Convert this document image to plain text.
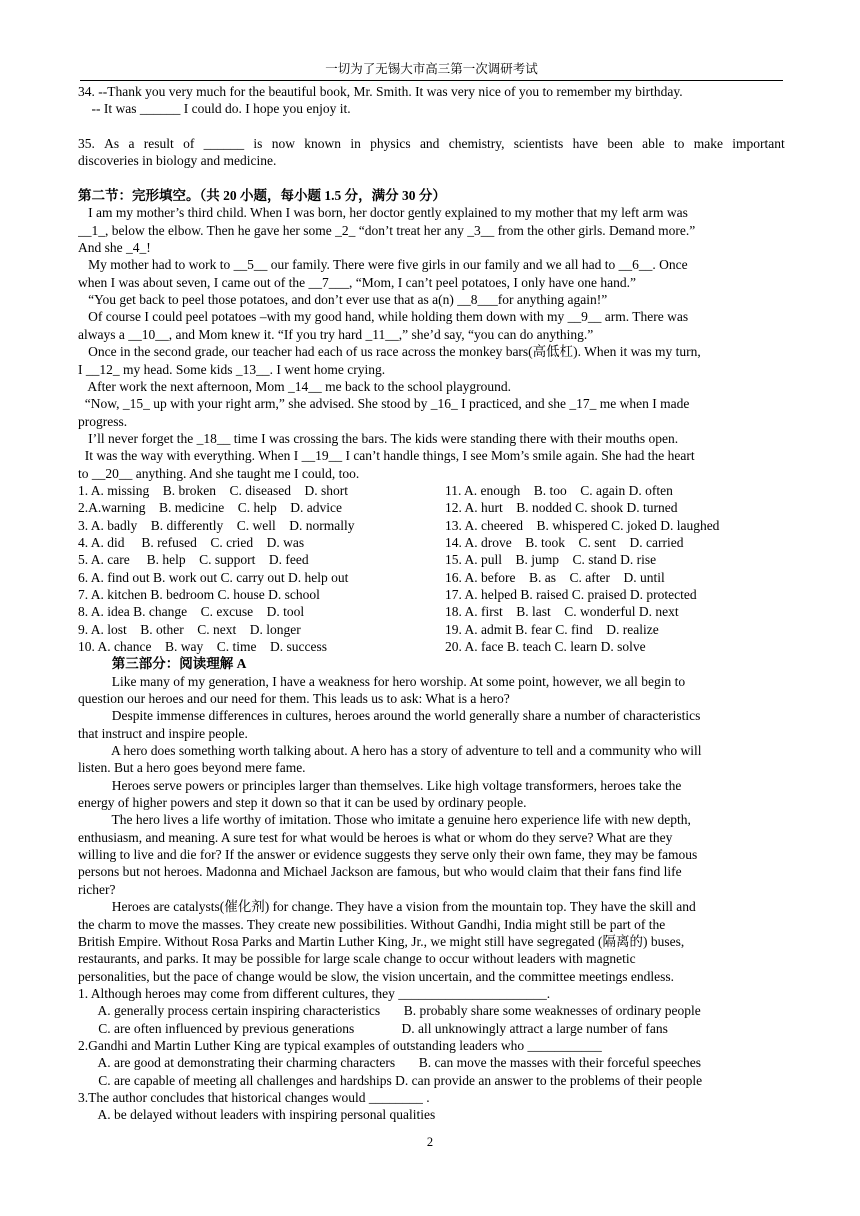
一切为了无锡大市高三第一次调研考试
34. --Thank you very much for the beautiful book, Mr. Smith. It was very nice of you to remember my birthday.
-- It was ______ I could do. I hope you enjoy it.

35. As a result of ______ is now known in physics and chemistry, scientists have been able to make important
discoveries in biology and medicine.

第二节：完形填空。（共 20 小题，每小题 1.5 分，满分 30 分）
I am my mother’s third child. When I was born, her doctor gently explained to my mother that my left arm was
__1_, below the elbow. Then he gave her some _2_ “don’t treat her any _3__ from the other girls. Demand more.”
And she _4_!
My mother had to work to __5__ our family. There were five girls in our family and we all had to __6__. Once
when I was about seven, I came out of the __7___, “Mom, I can’t peel potatoes, I only have one hand.”
“You get back to peel those potatoes, and don’t ever use that as a(n) __8___for anything again!”
Of course I could peel potatoes –with my good hand, while holding them down with my __9__ arm. There was
always a __10__, and Mom knew it. “If you try hard _11__,” she’d say, “you can do anything.”
Once in the second grade, our teacher had each of us race across the monkey bars(高低杠). When it was my turn,
I __12_ my head. Some kids _13__. I went home crying.
After work the next afternoon, Mom _14__ me back to the school playground.
“Now, _15_ up with your right arm,” she advised. She stood by _16_ I practiced, and she _17_ me when I made
progress.
I’ll never forget the _18__ time I was crossing the bars. The kids were standing there with their mouths open.
It was the way with everything. When I __19__ I can’t handle things, I see Mom’s smile again. She had the heart
to __20__ anything. And she taught me I could, too.
1. A. missing    B. broken    C. diseased    D. short
2.A.warning    B. medicine    C. help    D. advice
3. A. badly    B. differently    C. well    D. normally
4. A. did     B. refused    C. cried    D. was
5. A. care     B. help    C. support    D. feed
6. A. find out B. work out C. carry out D. help out
7. A. kitchen B. bedroom C. house D. school
8. A. idea B. change    C. excuse    D. tool
9. A. lost    B. other    C. next    D. longer
10. A. chance    B. way    C. time    D. success
11. A. enough    B. too    C. again D. often
12. A. hurt    B. nodded C. shook D. turned
13. A. cheered    B. whispered C. joked D. laughed
14. A. drove    B. took    C. sent    D. carried
15. A. pull    B. jump    C. stand D. rise
16. A. before    B. as    C. after    D. until
17. A. helped B. raised C. praised D. protected
18. A. first    B. last    C. wonderful D. next
19. A. admit B. fear C. find    D. realize
20. A. face B. teach C. learn D. solve
第三部分：阅读理解 A
Like many of my generation, I have a weakness for hero worship. At some point, however, we all begin to
question our heroes and our need for them. This leads us to ask: What is a hero?
Despite immense differences in cultures, heroes around the world generally share a number of characteristics
that instruct and inspire people.
A hero does something worth talking about. A hero has a story of adventure to tell and a community who will
listen. But a hero goes beyond mere fame.
Heroes serve powers or principles larger than themselves. Like high voltage transformers, heroes take the
energy of higher powers and step it down so that it can be used by ordinary people.
The hero lives a life worthy of imitation. Those who imitate a genuine hero experience life with new depth,
enthusiasm, and meaning. A sure test for what would be heroes is what or whom do they serve? What are they
willing to live and die for? If the answer or evidence suggests they serve only their own fame, they may be famous
persons but not heroes. Madonna and Michael Jackson are famous, but who would claim that their fans find life
richer?
Heroes are catalysts(催化剂) for change. They have a vision from the mountain top. They have the skill and
the charm to move the masses. They create new possibilities. Without Gandhi, India might still be part of the
British Empire. Without Rosa Parks and Martin Luther King, Jr., we might still have segregated (隔离的) buses,
restaurants, and parks. It may be possible for large scale change to occur without leaders with magnetic
personalities, but the pace of change would be slow, the vision uncertain, and the committee meetings endless.
1. Although heroes may come from different cultures, they ______________________.
A. generally process certain inspiring characteristics       B. probably share some weaknesses of ordinary people
C. are often influenced by previous generations              D. all unknowingly attract a large number of fans
2.Gandhi and Martin Luther King are typical examples of outstanding leaders who ___________
A. are good at demonstrating their charming characters       B. can move the masses with their forceful speeches
C. are capable of meeting all challenges and hardships D. can provide an answer to the problems of their people
3.The author concludes that historical changes would ________ .
A. be delayed without leaders with inspiring personal qualities
2
